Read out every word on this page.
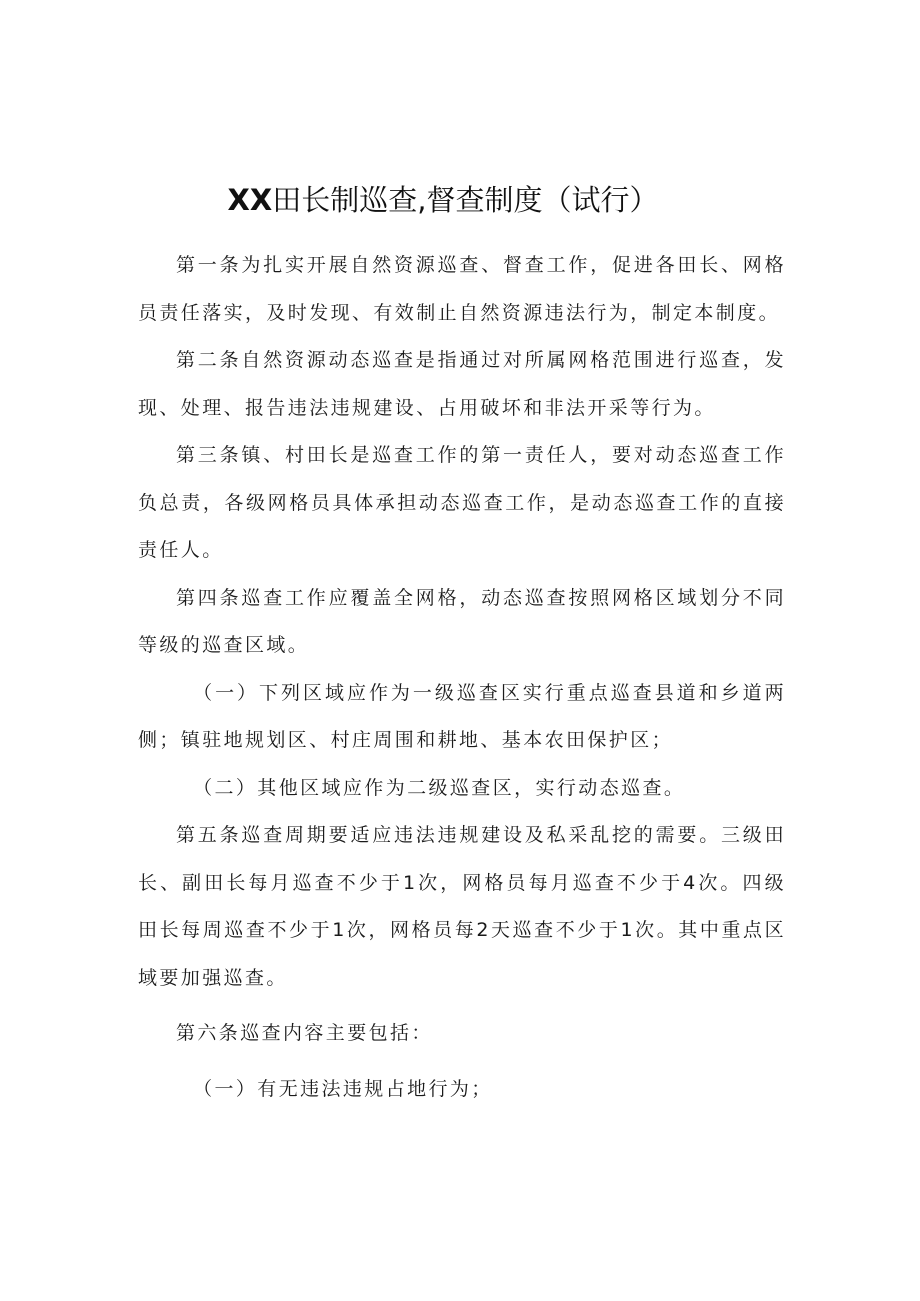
XX田长制巡查,督查制度（试行）

第一条为扎实开展自然资源巡查、督查工作，促进各田长、网格员责任落实，及时发现、有效制止自然资源违法行为，制定本制度。

第二条自然资源动态巡查是指通过对所属网格范围进行巡查，发现、处理、报告违法违规建设、占用破坏和非法开采等行为。

第三条镇、村田长是巡查工作的第一责任人，要对动态巡查工作负总责，各级网格员具体承担动态巡查工作，是动态巡查工作的直接责任人。

第四条巡查工作应覆盖全网格，动态巡查按照网格区域划分不同等级的巡查区域。

（一）下列区域应作为一级巡查区实行重点巡查县道和乡道两侧；镇驻地规划区、村庄周围和耕地、基本农田保护区；

（二）其他区域应作为二级巡查区，实行动态巡查。

第五条巡查周期要适应违法违规建设及私采乱挖的需要。三级田长、副田长每月巡查不少于1次，网格员每月巡查不少于4次。四级田长每周巡查不少于1次，网格员每2天巡查不少于1次。其中重点区域要加强巡查。

第六条巡查内容主要包括：

（一）有无违法违规占地行为；
